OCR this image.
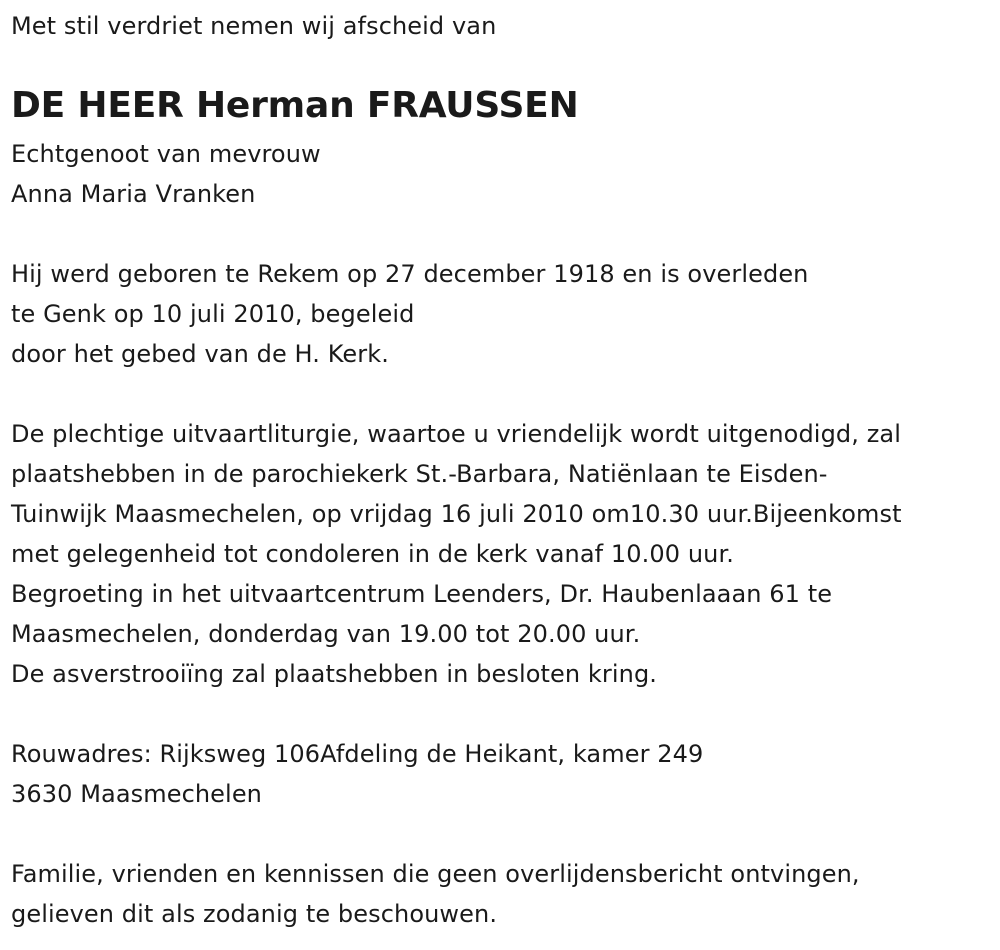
Met stil verdriet nemen wij afscheid van
DE HEER Herman FRAUSSEN
Echtgenoot van mevrouw
Anna Maria Vranken
Hij werd geboren te Rekem op 27 december 1918 en is overleden
te Genk op 10 juli 2010, begeleid
door het gebed van de H. Kerk.
De plechtige uitvaartliturgie, waartoe u vriendelijk wordt uitgenodigd, zal
plaatshebben in de parochiekerk St.-Barbara, Natiënlaan te Eisden-
Tuinwijk Maasmechelen, op vrijdag 16 juli 2010 om10.30 uur.Bijeenkomst
met gelegenheid tot condoleren in de kerk vanaf 10.00 uur.
Begroeting in het uitvaartcentrum Leenders, Dr. Haubenlaaan 61 te
Maasmechelen, donderdag van 19.00 tot 20.00 uur.
De asverstrooiïng zal plaatshebben in besloten kring.
Rouwadres: Rijksweg 106Afdeling de Heikant, kamer 249
3630 Maasmechelen
Familie, vrienden en kennissen die geen overlijdensbericht ontvingen,
gelieven dit als zodanig te beschouwen.
